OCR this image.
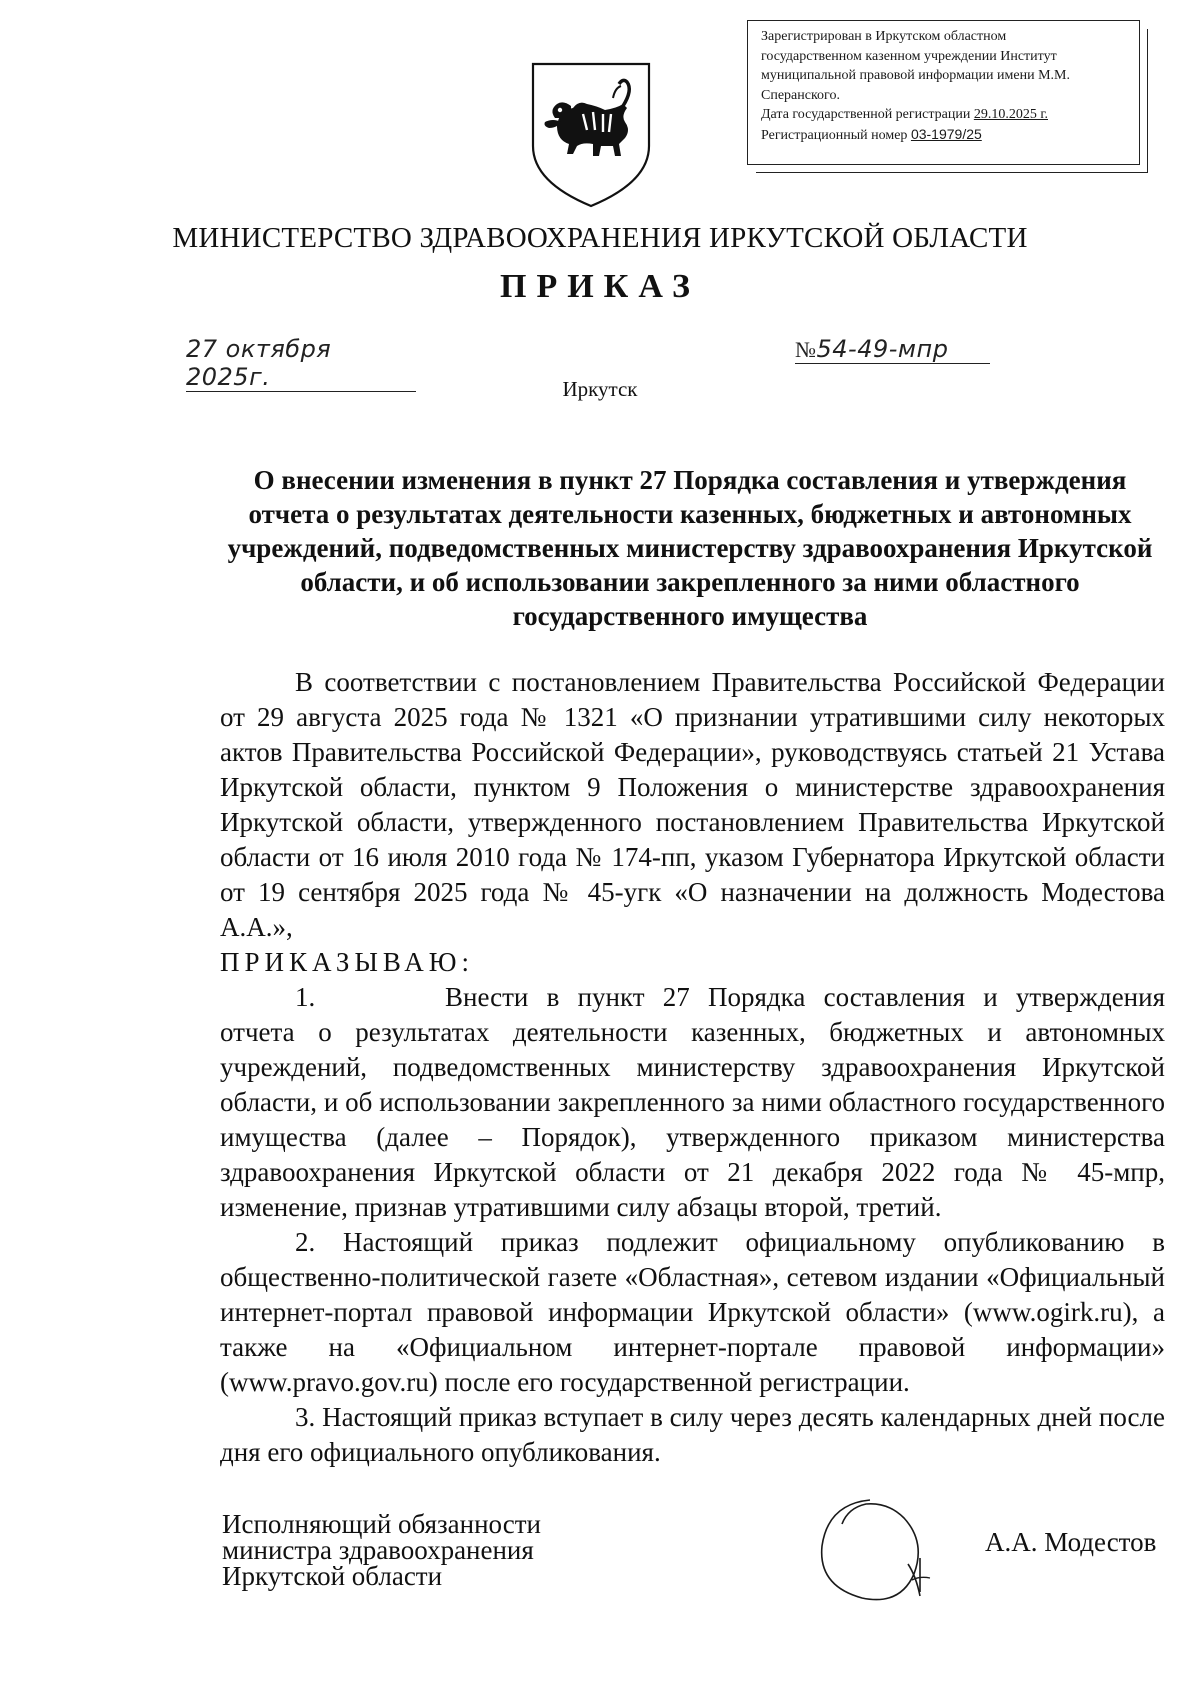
Зарегистрирован в Иркутском областном
государственном казенном учреждении Институт
муниципальной правовой информации имени М.М.
Сперанского.
Дата государственной регистрации 29.10.2025 г.
Регистрационный номер 03-1979/25
МИНИСТЕРСТВО ЗДРАВООХРАНЕНИЯ ИРКУТСКОЙ ОБЛАСТИ
ПРИКАЗ
27 октября 2025г.
№54-49-мпр
Иркутск
О внесении изменения в пункт 27 Порядка составления и утверждения отчета о результатах деятельности казенных, бюджетных и автономных учреждений, подведомственных министерству здравоохранения Иркутской области, и об использовании закрепленного за ними областного государственного имущества

В соответствии с постановлением Правительства Российской Федерации от 29 августа 2025 года № 1321 «О признании утратившими силу некоторых актов Правительства Российской Федерации», руководствуясь статьей 21 Устава Иркутской области, пунктом 9 Положения о министерстве здравоохранения Иркутской области, утвержденного постановлением Правительства Иркутской области от 16 июля 2010 года № 174-пп, указом Губернатора Иркутской области от 19 сентября 2025 года № 45-угк «О назначении на должность Модестова А.А.»,

ПРИКАЗЫВАЮ:

1.	Внести в пункт 27 Порядка составления и утверждения отчета о результатах деятельности казенных, бюджетных и автономных учреждений, подведомственных министерству здравоохранения Иркутской области, и об использовании закрепленного за ними областного государственного имущества (далее – Порядок), утвержденного приказом министерства здравоохранения Иркутской области от 21 декабря 2022 года № 45-мпр, изменение, признав утратившими силу абзацы второй, третий.

2. Настоящий приказ подлежит официальному опубликованию в общественно-политической газете «Областная», сетевом издании «Официальный интернет-портал правовой информации Иркутской области» (www.ogirk.ru), а также на «Официальном интернет-портале правовой информации» (www.pravo.gov.ru) после его государственной регистрации.

3. Настоящий приказ вступает в силу через десять календарных дней после дня его официального опубликования.

Исполняющий обязанности
министра здравоохранения
Иркутской области
А.А. Модестов
